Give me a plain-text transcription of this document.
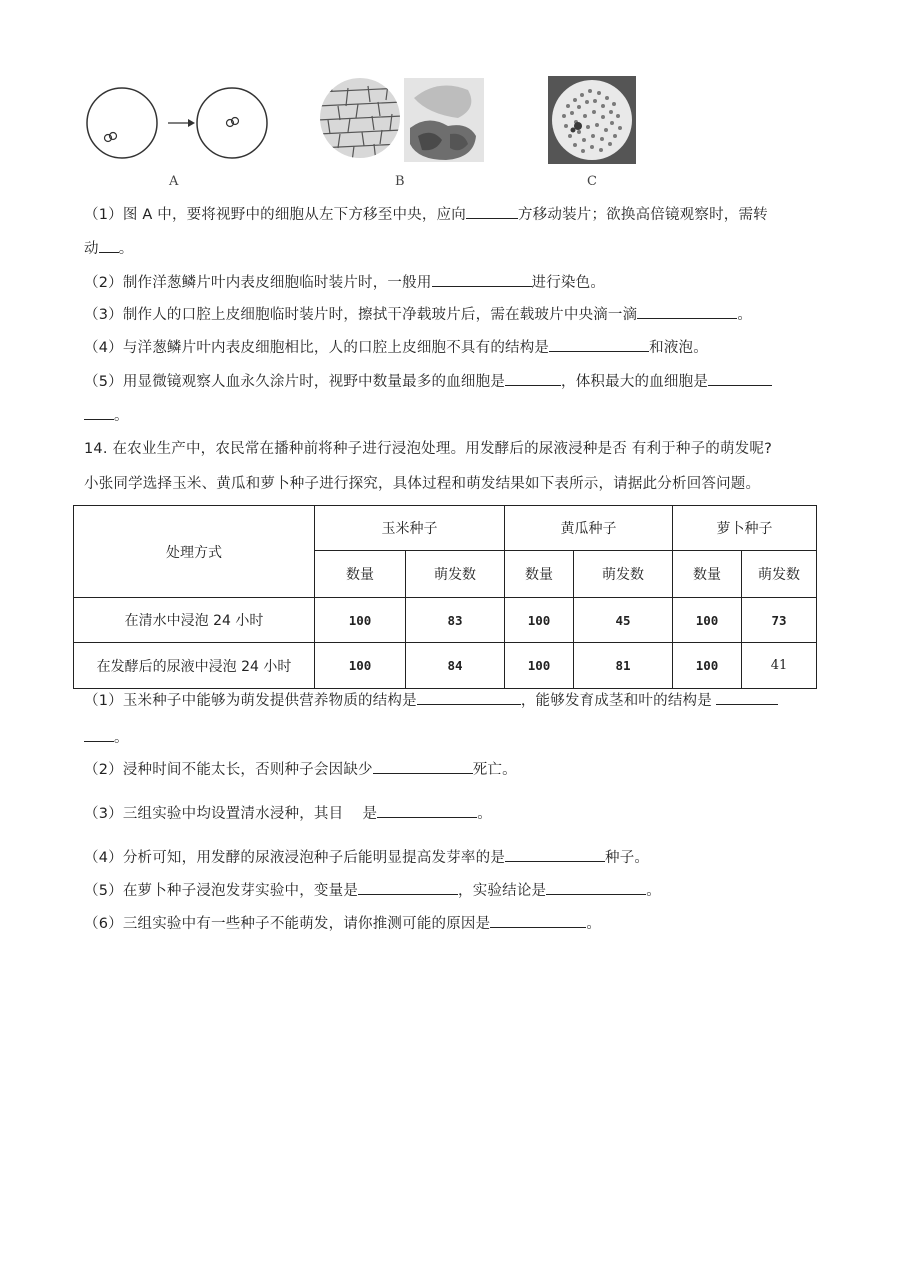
A	B	C
（1）图 A 中，要将视野中的细胞从左下方移至中央，应向	方移动装片；欲换高倍镜观察时，需转
动 。
（2）制作洋葱鳞片叶内表皮细胞临时装片时，一般用	进行染色。
（3）制作人的口腔上皮细胞临时装片时，擦拭干净载玻片后，需在载玻片中央滴一滴	。
（4）与洋葱鳞片叶内表皮细胞相比，人的口腔上皮细胞不具有的结构是	和液泡。
（5）用显微镜观察人血永久涂片时，视野中数量最多的血细胞是	，体积最大的血细胞是
。
14. 在农业生产中，农民常在播种前将种子进行浸泡处理。用发酵后的尿液浸种是否 有利于种子的萌发呢?
小张同学选择玉米、黄瓜和萝卜种子进行探究，具体过程和萌发结果如下表所示，请据此分析回答问题。
处理方式	玉米种子		黄瓜种子		萝卜种子	
	数量	萌发数	数量	萌发数	数量	萌发数
在清水中浸泡 24 小时	100	83	100	45	100	73
在发酵后的尿液中浸泡 24 小时	100	84	100	81	100	41
（1）玉米种子中能够为萌发提供营养物质的结构是	，能够发育成茎和叶的结构是
。
（2）浸种时间不能太长，否则种子会因缺少	死亡。
（3）三组实验中均设置清水浸种，其目    是	。
（4）分析可知，用发酵的尿液浸泡种子后能明显提高发芽率的是	种子。
（5）在萝卜种子浸泡发芽实验中，变量是	，实验结论是	。
（6）三组实验中有一些种子不能萌发，请你推测可能的原因是	。
